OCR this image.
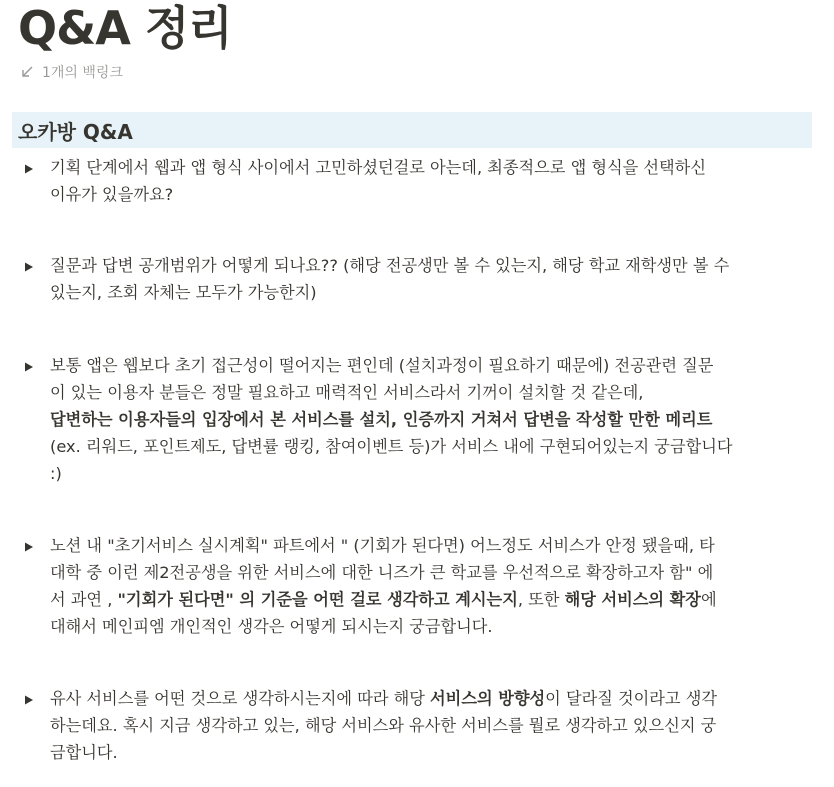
Q&A 정리
1개의 백링크
오카방 Q&A
기획 단계에서 웹과 앱 형식 사이에서 고민하셨던걸로 아는데, 최종적으로 앱 형식을 선택하신
이유가 있을까요?
질문과 답변 공개범위가 어떻게 되나요?? (해당 전공생만 볼 수 있는지, 해당 학교 재학생만 볼 수
있는지, 조회 자체는 모두가 가능한지)
보통 앱은 웹보다 초기 접근성이 떨어지는 편인데 (설치과정이 필요하기 때문에) 전공관련 질문
이 있는 이용자 분들은 정말 필요하고 매력적인 서비스라서 기꺼이 설치할 것 같은데,
답변하는 이용자들의 입장에서 본 서비스를 설치, 인증까지 거쳐서 답변을 작성할 만한 메리트
(ex. 리워드, 포인트제도, 답변률 랭킹, 참여이벤트 등)가 서비스 내에 구현되어있는지 궁금합니다
:)
노션 내 "초기서비스 실시계획" 파트에서 " (기회가 된다면) 어느정도 서비스가 안정 됐을때, 타
대학 중 이런 제2전공생을 위한 서비스에 대한 니즈가 큰 학교를 우선적으로 확장하고자 함" 에
서 과연 , "기회가 된다면" 의 기준을 어떤 걸로 생각하고 계시는지, 또한 해당 서비스의 확장에
대해서 메인피엠 개인적인 생각은 어떻게 되시는지 궁금합니다.
유사 서비스를 어떤 것으로 생각하시는지에 따라 해당 서비스의 방향성이 달라질 것이라고 생각
하는데요. 혹시 지금 생각하고 있는, 해당 서비스와 유사한 서비스를 뭘로 생각하고 있으신지 궁
금합니다.
